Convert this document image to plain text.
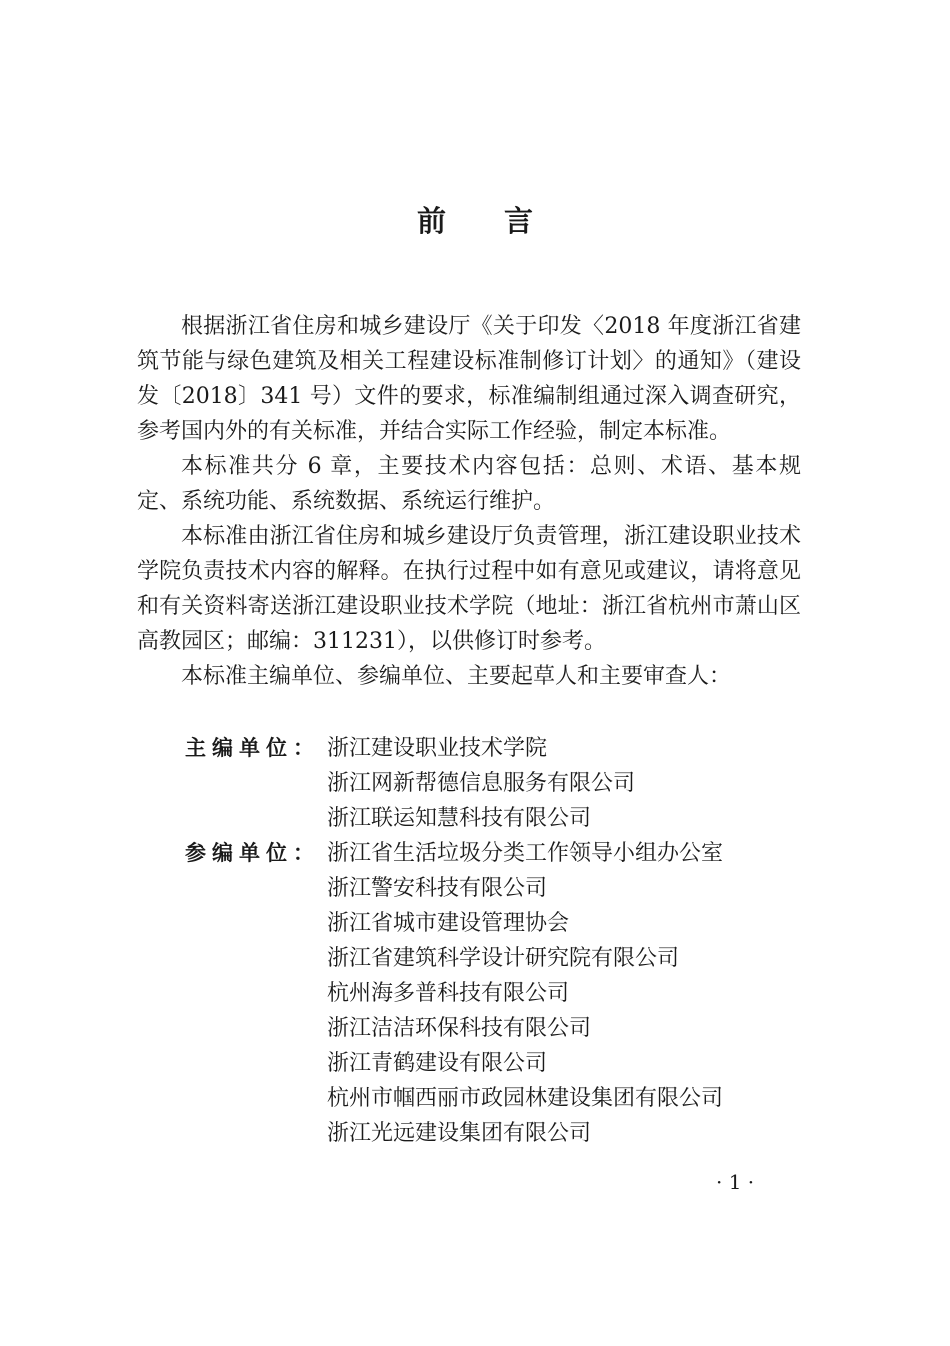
前 言

根据浙江省住房和城乡建设厅《关于印发〈2018 年度浙江省建筑节能与绿色建筑及相关工程建设标准制修订计划〉的通知》（建设发〔2018〕341 号）文件的要求，标准编制组通过深入调查研究，参考国内外的有关标准，并结合实际工作经验，制定本标准。

本标准共分 6 章，主要技术内容包括：总则、术语、基本规定、系统功能、系统数据、系统运行维护。

本标准由浙江省住房和城乡建设厅负责管理，浙江建设职业技术学院负责技术内容的解释。在执行过程中如有意见或建议，请将意见和有关资料寄送浙江建设职业技术学院（地址：浙江省杭州市萧山区高教园区；邮编：311231），以供修订时参考。

本标准主编单位、参编单位、主要起草人和主要审查人：

主编单位： 浙江建设职业技术学院
浙江网新帮德信息服务有限公司
浙江联运知慧科技有限公司
参编单位： 浙江省生活垃圾分类工作领导小组办公室
浙江警安科技有限公司
浙江省城市建设管理协会
浙江省建筑科学设计研究院有限公司
杭州海多普科技有限公司
浙江洁洁环保科技有限公司
浙江青鹤建设有限公司
杭州市帼西丽市政园林建设集团有限公司
浙江光远建设集团有限公司
· 1 ·
